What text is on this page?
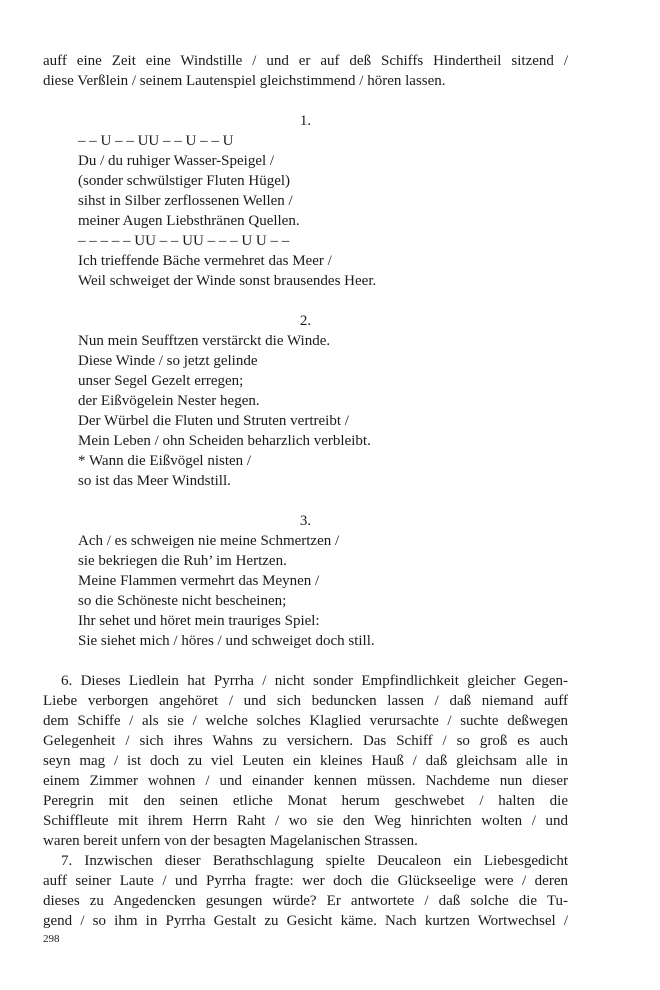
auff eine Zeit eine Windstille / und er auf deß Schiffs Hindertheil sitzend /
diese Verßlein / seinem Lautenspiel gleichstimmend / hören lassen.
1.
– – U – – UU – – U – – U
Du / du ruhiger Wasser-Speigel /
(sonder schwülstiger Fluten Hügel)
sihst in Silber zerflossenen Wellen /
meiner Augen Liebsthränen Quellen.
– – – – – UU – – UU – – – U U – –
Ich trieffende Bäche vermehret das Meer /
Weil schweiget der Winde sonst brausendes Heer.
2.
Nun mein Seufftzen verstärckt die Winde.
Diese Winde / so jetzt gelinde
unser Segel Gezelt erregen;
der Eißvögelein Nester hegen.
Der Würbel die Fluten und Struten vertreibt /
Mein Leben / ohn Scheiden beharzlich verbleibt.
* Wann die Eißvögel nisten /
so ist das Meer Windstill.
3.
Ach / es schweigen nie meine Schmertzen /
sie bekriegen die Ruh’ im Hertzen.
Meine Flammen vermehrt das Meynen /
so die Schöneste nicht bescheinen;
Ihr sehet und höret mein trauriges Spiel:
Sie siehet mich / höres / und schweiget doch still.
6. Dieses Liedlein hat Pyrrha / nicht sonder Empfindlichkeit gleicher Gegen-
Liebe verborgen angehöret / und sich beduncken lassen / daß niemand auff
dem Schiffe / als sie / welche solches Klaglied verursachte / suchte deßwegen
Gelegenheit / sich ihres Wahns zu versichern. Das Schiff / so groß es auch
seyn mag / ist doch zu viel Leuten ein kleines Hauß / daß gleichsam alle in
einem Zimmer wohnen / und einander kennen müssen. Nachdeme nun dieser
Peregrin mit den seinen etliche Monat herum geschwebet / halten die
Schiffleute mit ihrem Herrn Raht / wo sie den Weg hinrichten wolten / und
waren bereit unfern von der besagten Magelanischen Strassen.
7. Inzwischen dieser Berathschlagung spielte Deucaleon ein Liebesgedicht
auff seiner Laute / und Pyrrha fragte: wer doch die Glückseelige were / deren
dieses zu Angedencken gesungen würde? Er antwortete / daß solche die Tu-
gend / so ihm in Pyrrha Gestalt zu Gesicht käme. Nach kurtzen Wortwechsel /
298
